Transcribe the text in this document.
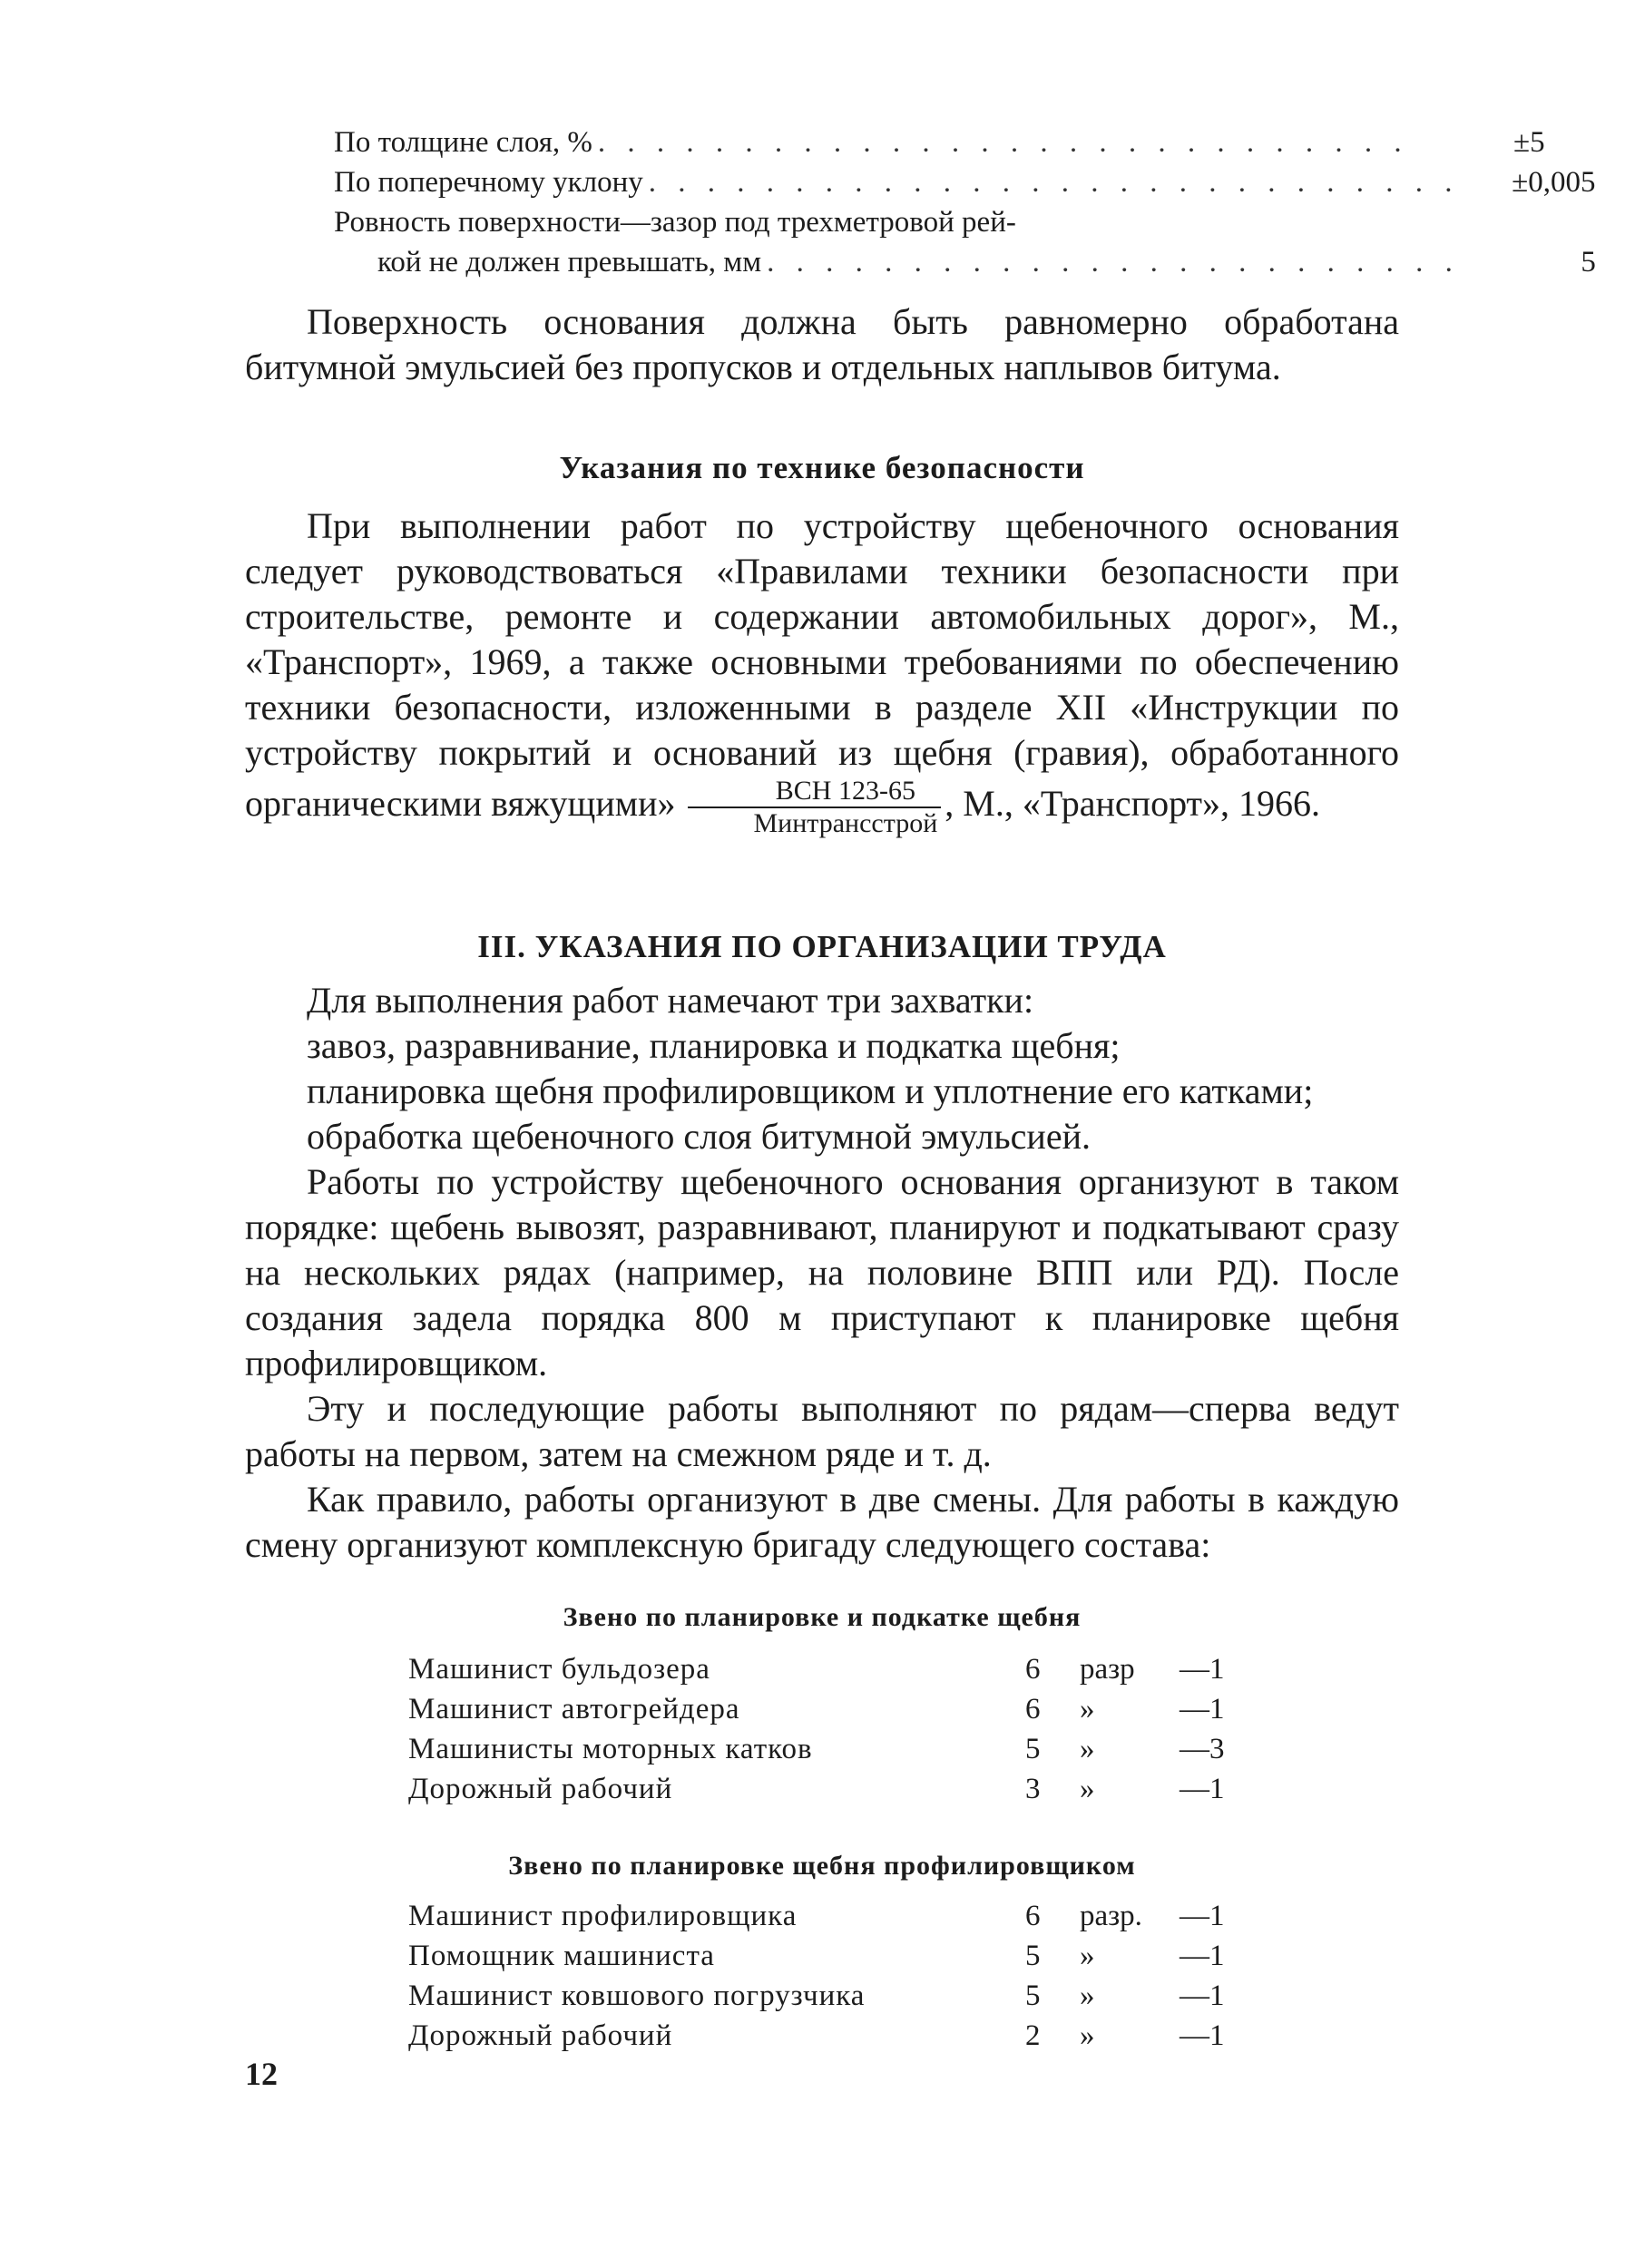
По толщине слоя, % . . . . . . . . . . . . . . . . . . . . . . . . . . . .	±5
По поперечному уклону . . . . . . . . . . . . . . . . . . . . . . . . . . . .	±0,005
Ровность поверхности—зазор под трехметровой рей-
кой не должен превышать, мм . . . . . . . . . . . . . . . . . . . . . . . .	5

Поверхность основания должна быть равномерно обработана битумной эмульсией без пропусков и отдельных наплывов битума.

Указания по технике безопасности

При выполнении работ по устройству щебеночного основания следует руководствоваться «Правилами техники безопасности при строительстве, ремонте и содержании автомобильных дорог», М., «Транспорт», 1969, а также основными требованиями по обеспечению техники безопасности, изложенными в разделе XII «Инструкции по устройству покрытий и оснований из щебня (гравия), обработанного органическими вяжущими» $\frac{\text{ВСН 123-65}}{\text{Минтрансстрой}}$ , М., «Транспорт», 1966.

III. УКАЗАНИЯ ПО ОРГАНИЗАЦИИ ТРУДА

Для выполнения работ намечают три захватки:

завоз, разравнивание, планировка и подкатка щебня;

планировка щебня профилировщиком и уплотнение его катками;

обработка щебеночного слоя битумной эмульсией.

Работы по устройству щебеночного основания организуют в таком порядке: щебень вывозят, разравнивают, планируют и подкатывают сразу на нескольких рядах (например, на половине ВПП или РД). После создания задела порядка 800 м приступают к планировке щебня профилировщиком.

Эту и последующие работы выполняют по рядам—сперва ведут работы на первом, затем на смежном ряде и т. д.

Как правило, работы организуют в две смены. Для работы в каждую смену организуют комплексную бригаду следующего состава:

Звено по планировке и подкатке щебня
Машинист бульдозера	6	разр	—1
Машинист автогрейдера	6	»	—1
Машинисты моторных катков	5	»	—3
Дорожный рабочий	3	»	—1
Звено по планировке щебня профилировщиком
Машинист профилировщика	6	разр.	—1
Помощник машиниста	5	»	—1
Машинист ковшового погрузчика	5	»	—1
Дорожный рабочий	2	»	—1
12
